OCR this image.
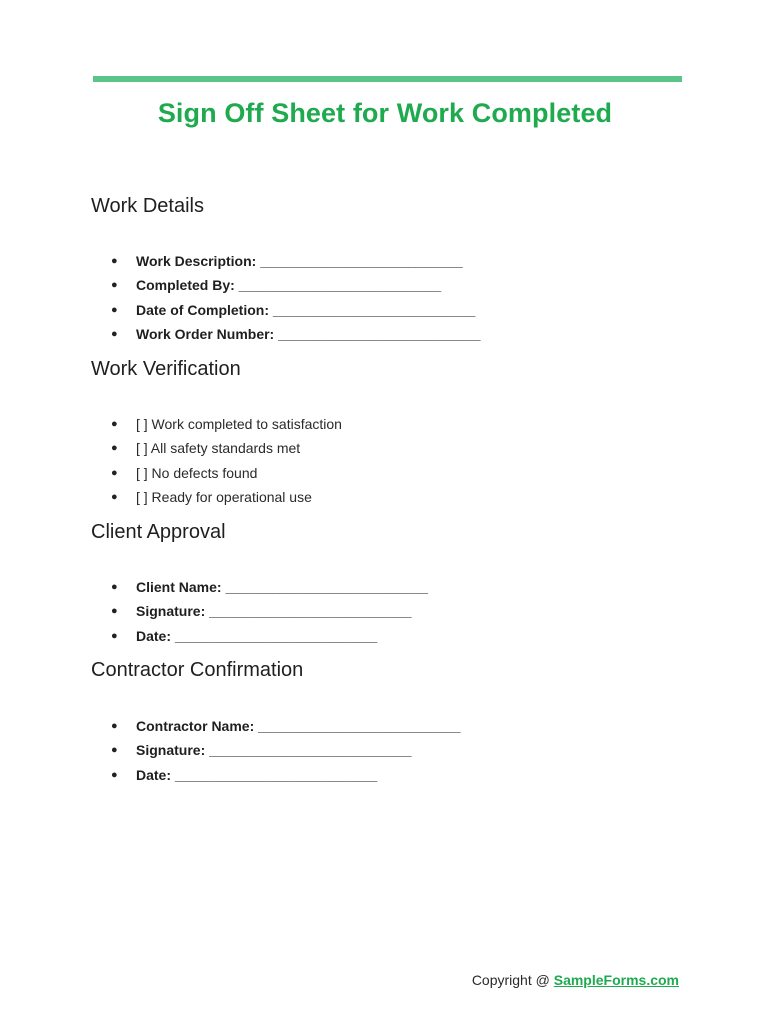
Sign Off Sheet for Work Completed
Work Details
● Work Description: __________________________
● Completed By: __________________________
● Date of Completion: __________________________
● Work Order Number: __________________________
Work Verification
● [ ] Work completed to satisfaction
● [ ] All safety standards met
● [ ] No defects found
● [ ] Ready for operational use
Client Approval
● Client Name: __________________________
● Signature: __________________________
● Date: __________________________
Contractor Confirmation
● Contractor Name: __________________________
● Signature: __________________________
● Date: __________________________
Copyright @ SampleForms.com
